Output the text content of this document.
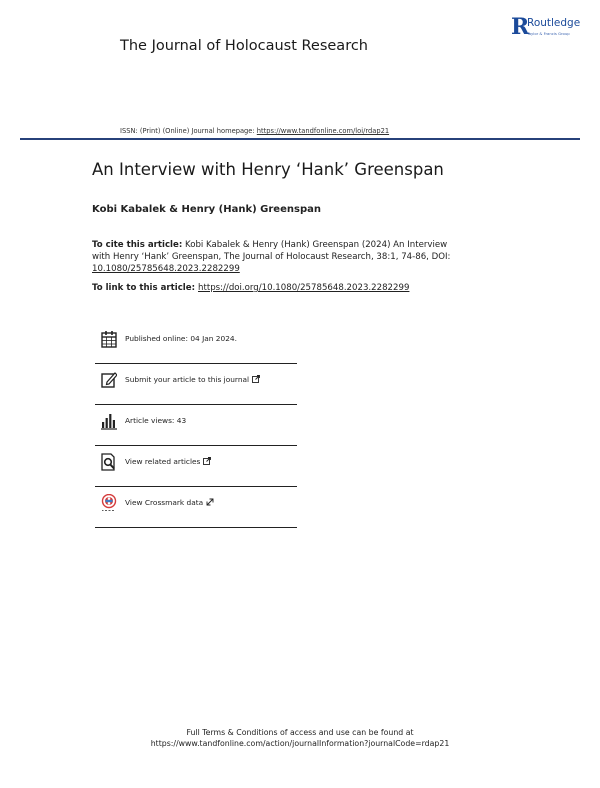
The Journal of Holocaust Research
R
Routledge
Taylor & Francis Group
ISSN: (Print) (Online) Journal homepage: https://www.tandfonline.com/loi/rdap21
An Interview with Henry ‘Hank’ Greenspan
Kobi Kabalek & Henry (Hank) Greenspan
To cite this article: Kobi Kabalek & Henry (Hank) Greenspan (2024) An Interview with Henry ‘Hank’ Greenspan, The Journal of Holocaust Research, 38:1, 74-86, DOI: 10.1080/25785648.2023.2282299
To link to this article: https://doi.org/10.1080/25785648.2023.2282299
Published online: 04 Jan 2024.
Submit your article to this journal
Article views: 43
View related articles
View Crossmark data
Full Terms & Conditions of access and use can be found at
https://www.tandfonline.com/action/journalInformation?journalCode=rdap21
